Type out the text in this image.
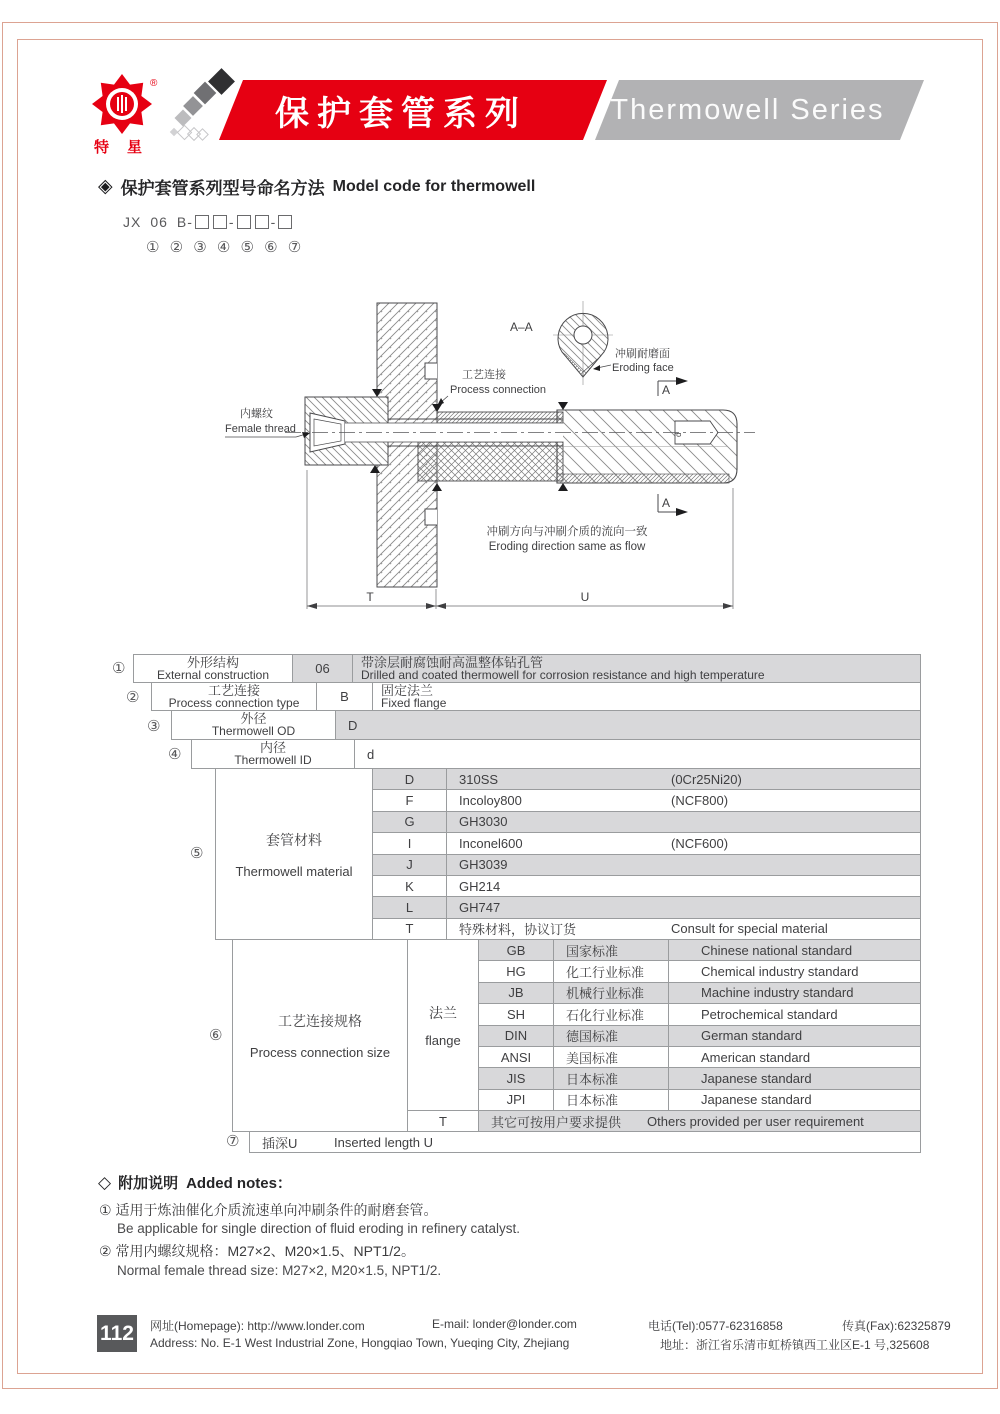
®
特星
保护套管系列	Thermowell Series
◈ 保护套管系列型号命名方法 Model code for thermowell
JX 06 B-	-	-
① ② ③ ④ ⑤ ⑥ ⑦
d
A–A
冲刷耐磨面
Eroding face
A
A
工艺连接
Process connection
内螺纹
Female thread
冲刷方向与冲刷介质的流向一致
Eroding direction same as flow
T	U
①	外形结构
External construction	06	带涂层耐腐蚀耐高温整体钻孔管
Drilled and coated thermowell for corrosion resistance and high temperature
②	工艺连接
Process connection type	B	固定法兰
Fixed flange
③	外径
Thermowell OD	D
④	内径
Thermowell ID	d
⑤
套管材料
Thermowell material
D	310SS	(0Cr25Ni20)
F	Incoloy800	(NCF800)
G	GH3030
I	Inconel600	(NCF600)
J	GH3039
K	GH214
L	GH747
T	特殊材料，协议订货	Consult for special material
⑥
工艺连接规格
Process connection size
法兰
flange
GB	国家标准	Chinese national standard
HG	化工行业标准	Chemical industry standard
JB	机械行业标准	Machine industry standard
SH	石化行业标准	Petrochemical standard
DIN	德国标准	German standard
ANSI	美国标准	American standard
JIS	日本标准	Japanese standard
JPI	日本标准	Japanese standard
T	其它可按用户要求提供 Others provided per user requirement
⑦	插深U	Inserted length U
◇ 附加说明 Added notes：
① 适用于炼油催化介质流速单向冲刷条件的耐磨套管。
Be applicable for single direction of fluid eroding in refinery catalyst.
② 常用内螺纹规格：M27×2、M20×1.5、NPT1/2。
Normal female thread size: M27×2, M20×1.5, NPT1/2.
112 网址(Homepage): http://www.londer.com	E-mail: londer@londer.com	电话(Tel):0577-62316858	传真(Fax):62325879
Address: No. E-1 West Industrial Zone, Hongqiao Town, Yueqing City, Zhejiang	地址：浙江省乐清市虹桥镇西工业区E-1 号,325608
